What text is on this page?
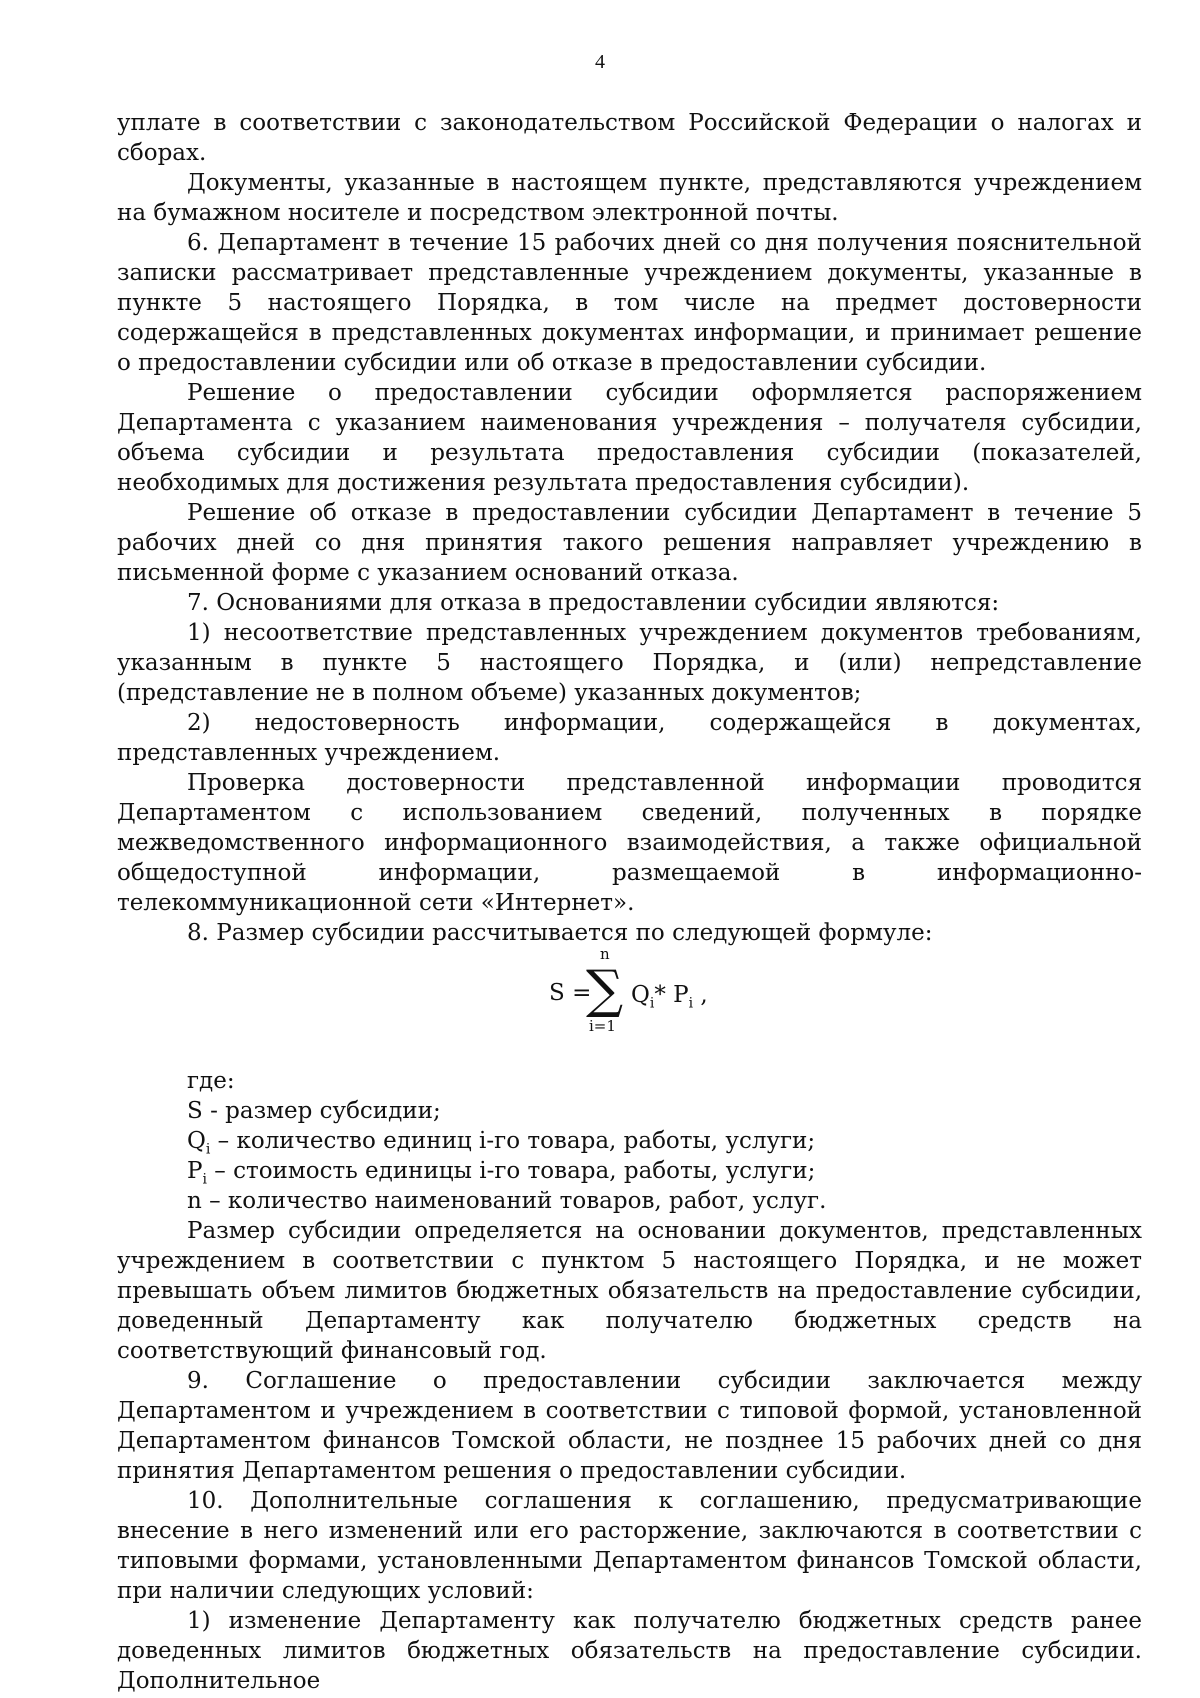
4

уплате в соответствии с законодательством Российской Федерации о налогах и сборах.

Документы, указанные в настоящем пункте, представляются учреждением на бумажном носителе и посредством электронной почты.

6. Департамент в течение 15 рабочих дней со дня получения пояснительной записки рассматривает представленные учреждением документы, указанные в пункте 5 настоящего Порядка, в том числе на предмет достоверности содержащейся в представленных документах информации, и принимает решение о предоставлении субсидии или об отказе в предоставлении субсидии.

Решение о предоставлении субсидии оформляется распоряжением Департамента с указанием наименования учреждения – получателя субсидии, объема субсидии и результата предоставления субсидии (показателей, необходимых для достижения результата предоставления субсидии).

Решение об отказе в предоставлении субсидии Департамент в течение 5 рабочих дней со дня принятия такого решения направляет учреждению в письменной форме с указанием оснований отказа.

7. Основаниями для отказа в предоставлении субсидии являются:

1) несоответствие представленных учреждением документов требованиям, указанным в пункте 5 настоящего Порядка, и (или) непредставление (представление не в полном объеме) указанных документов;

2) недостоверность информации, содержащейся в документах, представленных учреждением.

Проверка достоверности представленной информации проводится Департаментом с использованием сведений, полученных в порядке межведомственного информационного взаимодействия, а также официальной общедоступной информации, размещаемой в информационно-телекоммуникационной сети «Интернет».

8. Размер субсидии рассчитывается по следующей формуле:

S =
n
∑
i=1
$Q_i*$ $P_i$ ,
где:
S - размер субсидии;
$Q_i$ – количество единиц i-го товара, работы, услуги;
$P_i$ – стоимость единицы i-го товара, работы, услуги;
n – количество наименований товаров, работ, услуг.

Размер субсидии определяется на основании документов, представленных учреждением в соответствии с пунктом 5 настоящего Порядка, и не может превышать объем лимитов бюджетных обязательств на предоставление субсидии, доведенный Департаменту как получателю бюджетных средств на соответствующий финансовый год.

9. Соглашение о предоставлении субсидии заключается между Департаментом и учреждением в соответствии с типовой формой, установленной Департаментом финансов Томской области, не позднее 15 рабочих дней со дня принятия Департаментом решения о предоставлении субсидии.

10. Дополнительные соглашения к соглашению, предусматривающие внесение в него изменений или его расторжение, заключаются в соответствии с типовыми формами, установленными Департаментом финансов Томской области, при наличии следующих условий:

1) изменение Департаменту как получателю бюджетных средств ранее доведенных лимитов бюджетных обязательств на предоставление субсидии. Дополнительное
